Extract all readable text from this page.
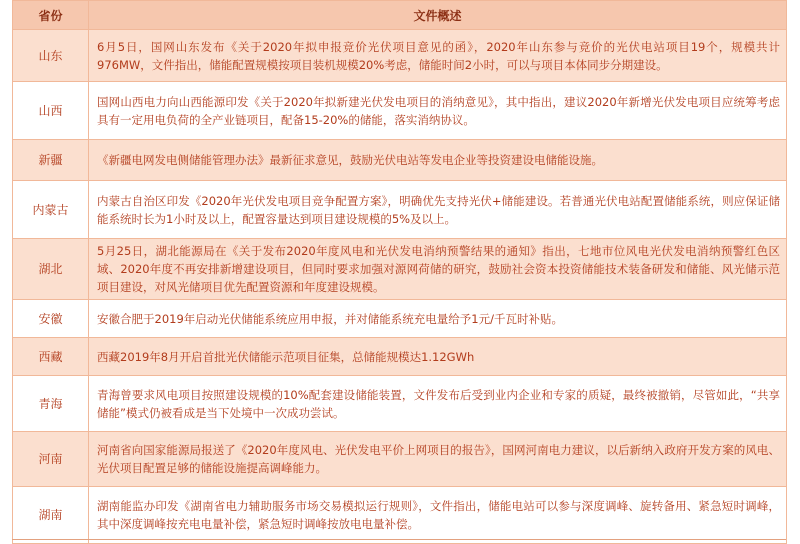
省份	文件概述
山东	6月5日，国网山东发布《关于2020年拟申报竞价光伏项目意见的函》，2020年山东参与竞价的光伏电站项目19个，规模共计976MW，文件指出，储能配置规模按项目装机规模20%考虑，储能时间2小时，可以与项目本体同步分期建设。
山西	国网山西电力向山西能源印发《关于2020年拟新建光伏发电项目的消纳意见》，其中指出，建议2020年新增光伏发电项目应统筹考虑具有一定用电负荷的全产业链项目，配备15-20%的储能，落实消纳协议。
新疆	《新疆电网发电侧储能管理办法》最新征求意见，鼓励光伏电站等发电企业等投资建设电储能设施。
内蒙古	内蒙古自治区印发《2020年光伏发电项目竞争配置方案》，明确优先支持光伏+储能建设。若普通光伏电站配置储能系统，则应保证储能系统时长为1小时及以上，配置容量达到项目建设规模的5%及以上。
湖北	5月25日，湖北能源局在《关于发布2020年度风电和光伏发电消纳预警结果的通知》指出，七地市位风电光伏发电消纳预警红色区域、2020年度不再安排新增建设项目，但同时要求加强对源网荷储的研究，鼓励社会资本投资储能技术装备研发和储能、风光储示范项目建设，对风光储项目优先配置资源和年度建设规模。
安徽	安徽合肥于2019年启动光伏储能系统应用申报，并对储能系统充电量给予1元/千瓦时补贴。
西藏	西藏2019年8月开启首批光伏储能示范项目征集，总储能规模达1.12GWh
青海	青海曾要求风电项目按照建设规模的10%配套建设储能装置，文件发布后受到业内企业和专家的质疑，最终被撤销，尽管如此，“共享储能”模式仍被看成是当下处境中一次成功尝试。
河南	河南省向国家能源局报送了《2020年度风电、光伏发电平价上网项目的报告》，国网河南电力建议，以后新纳入政府开发方案的风电、光伏项目配置足够的储能设施提高调峰能力。
湖南	湖南能监办印发《湖南省电力辅助服务市场交易模拟运行规则》，文件指出，储能电站可以参与深度调峰、旋转备用、紧急短时调峰，其中深度调峰按充电电量补偿，紧急短时调峰按放电电量补偿。
